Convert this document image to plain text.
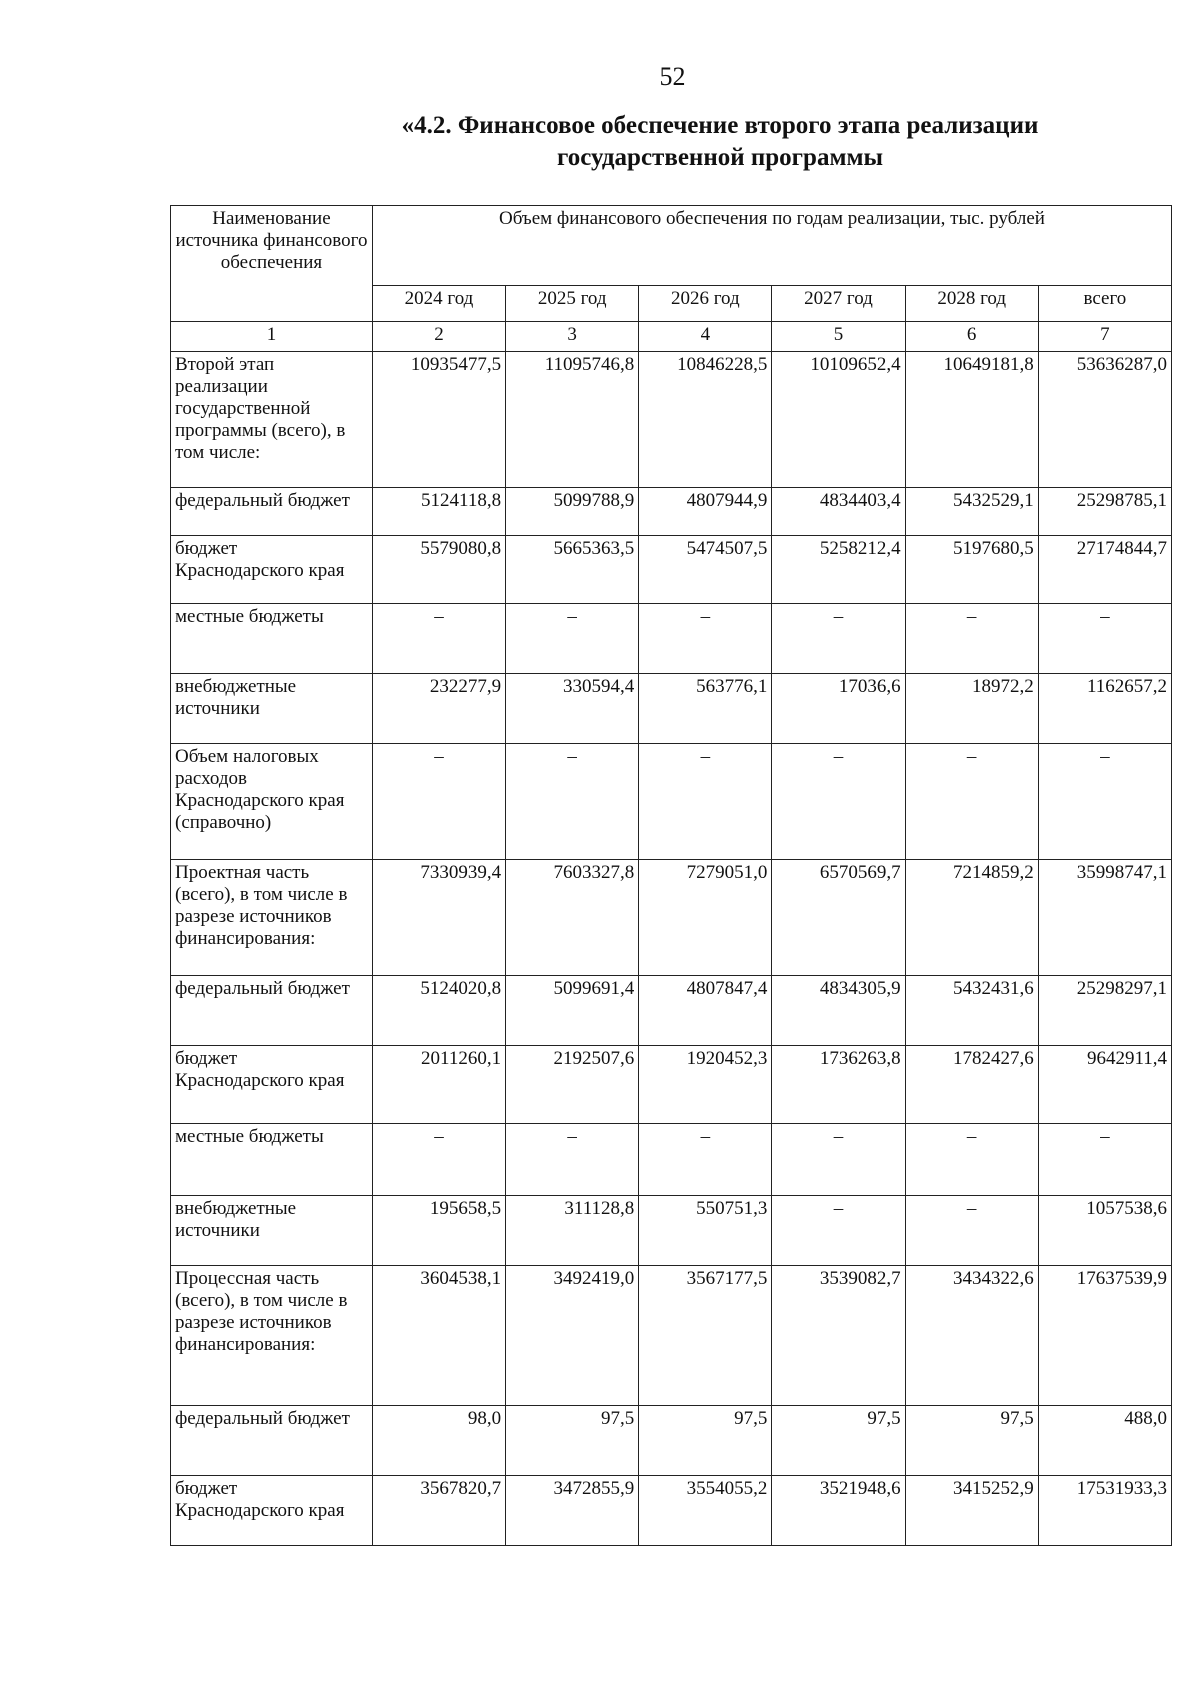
52
«4.2. Финансовое обеспечение второго этапа реализации
государственной программы
Наименование источника финансового обеспечения	Объем финансового обеспечения по годам реализации, тыс. рублей					
	2024 год	2025 год	2026 год	2027 год	2028 год	всего
1	2	3	4	5	6	7
Второй этап реализации государственной программы (всего), в том числе:	10935477,5	11095746,8	10846228,5	10109652,4	10649181,8	53636287,0
федеральный бюджет	5124118,8	5099788,9	4807944,9	4834403,4	5432529,1	25298785,1
бюджет Краснодарского края	5579080,8	5665363,5	5474507,5	5258212,4	5197680,5	27174844,7
местные бюджеты	–	–	–	–	–	–
внебюджетные источники	232277,9	330594,4	563776,1	17036,6	18972,2	1162657,2
Объем налоговых расходов Краснодарского края (справочно)	–	–	–	–	–	–
Проектная часть (всего), в том числе в разрезе источников финансирования:	7330939,4	7603327,8	7279051,0	6570569,7	7214859,2	35998747,1
федеральный бюджет	5124020,8	5099691,4	4807847,4	4834305,9	5432431,6	25298297,1
бюджет Краснодарского края	2011260,1	2192507,6	1920452,3	1736263,8	1782427,6	9642911,4
местные бюджеты	–	–	–	–	–	–
внебюджетные источники	195658,5	311128,8	550751,3	–	–	1057538,6
Процессная часть (всего), в том числе в разрезе источников финансирования:	3604538,1	3492419,0	3567177,5	3539082,7	3434322,6	17637539,9
федеральный бюджет	98,0	97,5	97,5	97,5	97,5	488,0
бюджет Краснодарского края	3567820,7	3472855,9	3554055,2	3521948,6	3415252,9	17531933,3
